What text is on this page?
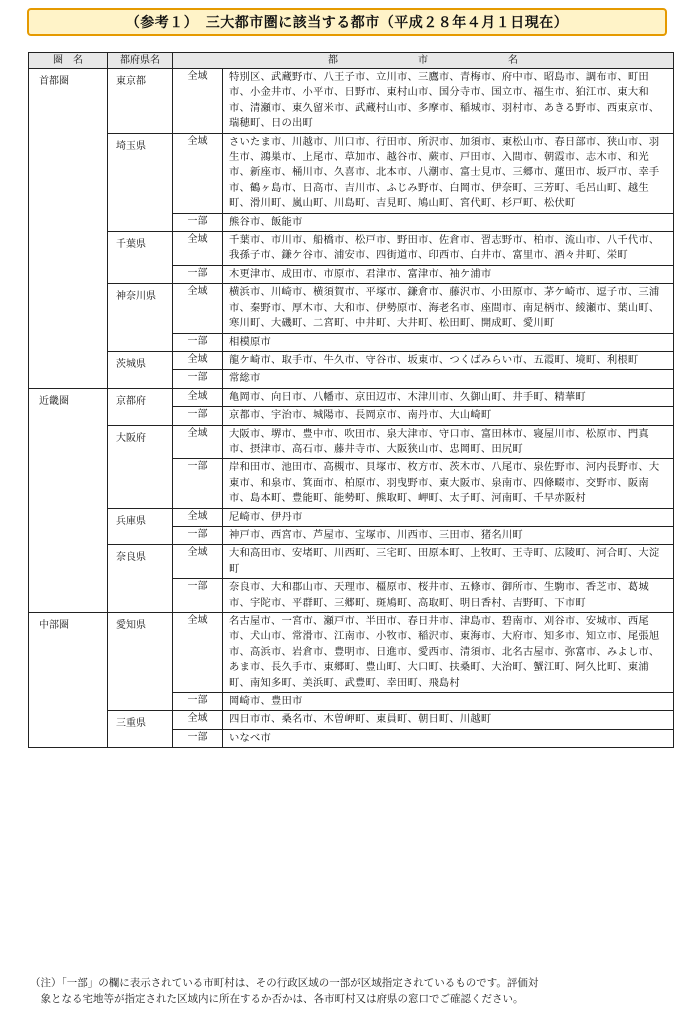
（参考１）　三大都市圏に該当する都市（平成２８年４月１日現在）
圏　名	都府県名	都　　　　　　　　市　　　　　　　　名	
首都圏	東京都	全域	特別区、武蔵野市、八王子市、立川市、三鷹市、青梅市、府中市、昭島市、調布市、町田市、小金井市、小平市、日野市、東村山市、国分寺市、国立市、福生市、狛江市、東大和市、清瀬市、東久留米市、武蔵村山市、多摩市、稲城市、羽村市、あきる野市、西東京市、瑞穂町、日の出町
	埼玉県	全域	さいたま市、川越市、川口市、行田市、所沢市、加須市、東松山市、春日部市、狭山市、羽生市、鴻巣市、上尾市、草加市、越谷市、蕨市、戸田市、入間市、朝霞市、志木市、和光市、新座市、桶川市、久喜市、北本市、八潮市、富士見市、三郷市、蓮田市、坂戸市、幸手市、鶴ヶ島市、日高市、吉川市、ふじみ野市、白岡市、伊奈町、三芳町、毛呂山町、越生町、滑川町、嵐山町、川島町、吉見町、鳩山町、宮代町、杉戸町、松伏町
		一部	熊谷市、飯能市
	千葉県	全域	千葉市、市川市、船橋市、松戸市、野田市、佐倉市、習志野市、柏市、流山市、八千代市、我孫子市、鎌ケ谷市、浦安市、四街道市、印西市、白井市、富里市、酒々井町、栄町
		一部	木更津市、成田市、市原市、君津市、富津市、袖ケ浦市
	神奈川県	全域	横浜市、川崎市、横須賀市、平塚市、鎌倉市、藤沢市、小田原市、茅ケ崎市、逗子市、三浦市、秦野市、厚木市、大和市、伊勢原市、海老名市、座間市、南足柄市、綾瀬市、葉山町、寒川町、大磯町、二宮町、中井町、大井町、松田町、開成町、愛川町
		一部	相模原市
	茨城県	全域	龍ケ崎市、取手市、牛久市、守谷市、坂東市、つくばみらい市、五霞町、境町、利根町
		一部	常総市
近畿圏	京都府	全域	亀岡市、向日市、八幡市、京田辺市、木津川市、久御山町、井手町、精華町
		一部	京都市、宇治市、城陽市、長岡京市、南丹市、大山崎町
	大阪府	全域	大阪市、堺市、豊中市、吹田市、泉大津市、守口市、富田林市、寝屋川市、松原市、門真市、摂津市、高石市、藤井寺市、大阪狭山市、忠岡町、田尻町
		一部	岸和田市、池田市、高槻市、貝塚市、枚方市、茨木市、八尾市、泉佐野市、河内長野市、大東市、和泉市、箕面市、柏原市、羽曳野市、東大阪市、泉南市、四條畷市、交野市、阪南市、島本町、豊能町、能勢町、熊取町、岬町、太子町、河南町、千早赤阪村
	兵庫県	全域	尼崎市、伊丹市
		一部	神戸市、西宮市、芦屋市、宝塚市、川西市、三田市、猪名川町
	奈良県	全域	大和高田市、安堵町、川西町、三宅町、田原本町、上牧町、王寺町、広陵町、河合町、大淀町
		一部	奈良市、大和郡山市、天理市、橿原市、桜井市、五條市、御所市、生駒市、香芝市、葛城市、宇陀市、平群町、三郷町、斑鳩町、高取町、明日香村、吉野町、下市町
中部圏	愛知県	全域	名古屋市、一宮市、瀬戸市、半田市、春日井市、津島市、碧南市、刈谷市、安城市、西尾市、犬山市、常滑市、江南市、小牧市、稲沢市、東海市、大府市、知多市、知立市、尾張旭市、高浜市、岩倉市、豊明市、日進市、愛西市、清須市、北名古屋市、弥富市、みよし市、あま市、長久手市、東郷町、豊山町、大口町、扶桑町、大治町、蟹江町、阿久比町、東浦町、南知多町、美浜町、武豊町、幸田町、飛島村
		一部	岡崎市、豊田市
	三重県	全域	四日市市、桑名市、木曽岬町、東員町、朝日町、川越町
		一部	いなべ市
（注）「一部」の欄に表示されている市町村は、その行政区域の一部が区域指定されているものです。評価対
　象となる宅地等が指定された区域内に所在するか否かは、各市町村又は府県の窓口でご確認ください。
